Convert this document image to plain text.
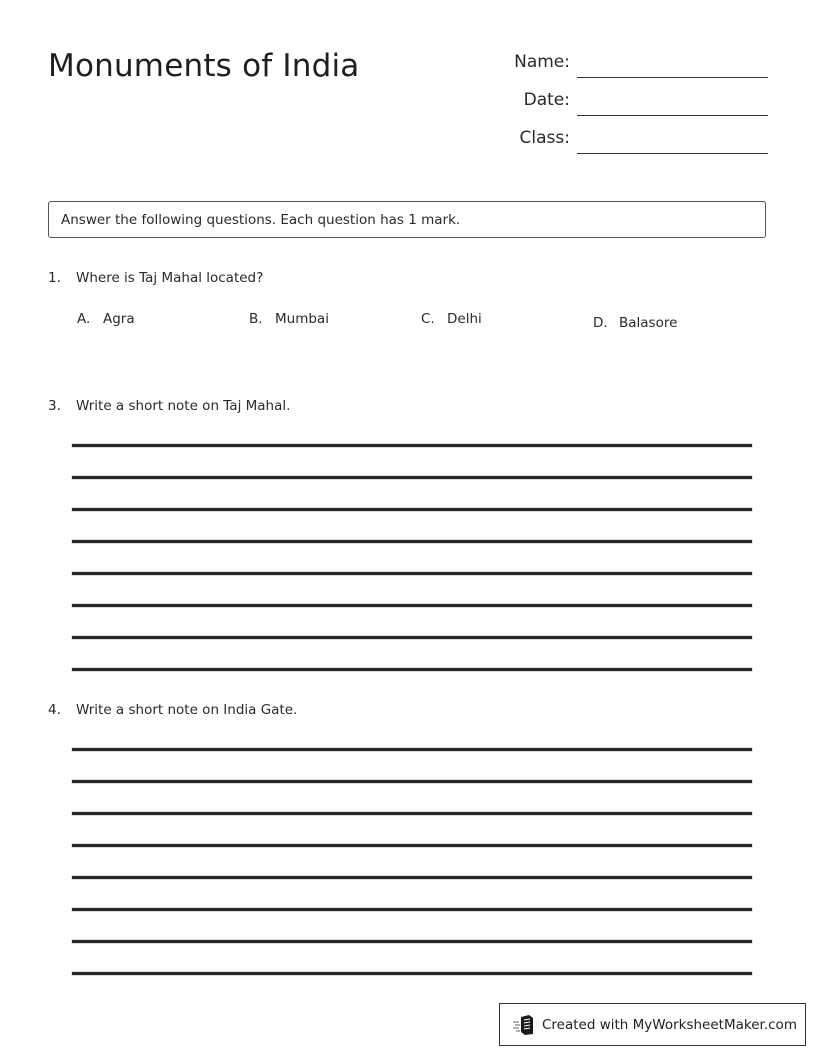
Monuments of India	Name:
Date:
Class:
Answer the following questions. Each question has 1 mark.
1.	Where is Taj Mahal located?
A. Agra	B. Mumbai	C. Delhi	D. Balasore
3.	Write a short note on Taj Mahal.
4.	Write a short note on India Gate.
Created with MyWorksheetMaker.com
